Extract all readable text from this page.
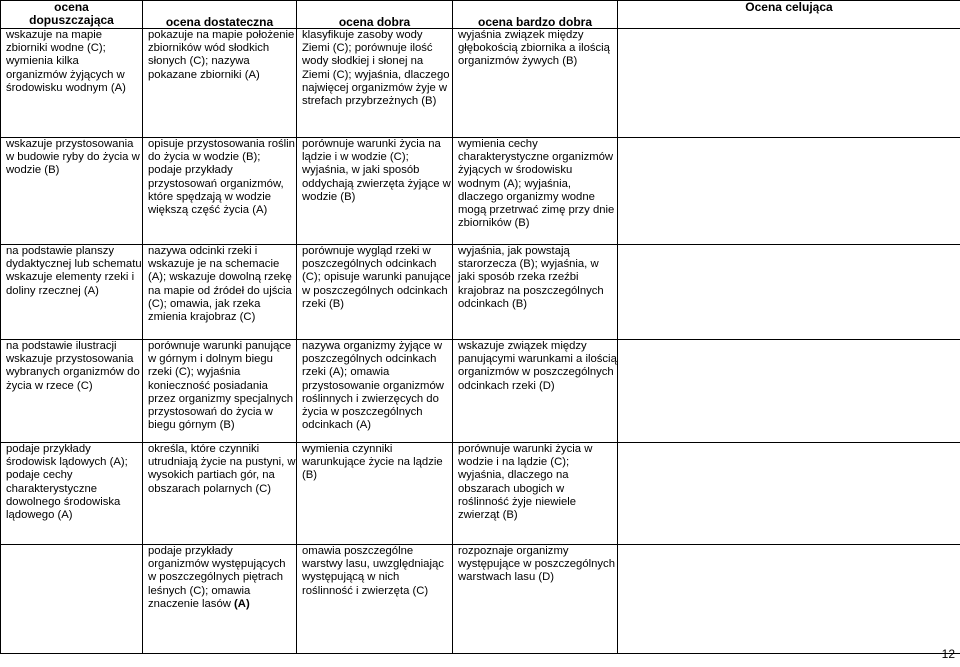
ocena
dopuszczająca	ocena dostateczna	ocena dobra	ocena bardzo dobra	Ocena celująca
wskazuje na mapie zbiorniki wodne (C); wymienia kilka organizmów żyjących w środowisku wodnym (A)	pokazuje na mapie położenie zbiorników wód słodkich słonych (C); nazywa pokazane zbiorniki (A)	klasyfikuje zasoby wody Ziemi (C); porównuje ilość wody słodkiej i słonej na Ziemi (C); wyjaśnia, dlaczego najwięcej organizmów żyje w strefach przybrzeżnych (B)	wyjaśnia związek między głębokością zbiornika a ilością organizmów żywych (B)	
wskazuje przystosowania w budowie ryby do życia w wodzie (B)	opisuje przystosowania roślin do życia w wodzie (B); podaje przykłady przystosowań organizmów, które spędzają w wodzie większą część życia (A)	porównuje warunki życia na lądzie i w wodzie (C); wyjaśnia, w jaki sposób oddychają zwierzęta żyjące w wodzie (B)	wymienia cechy charakterystyczne organizmów żyjących w środowisku wodnym (A); wyjaśnia, dlaczego organizmy wodne mogą przetrwać zimę przy dnie zbiorników (B)	
na podstawie planszy dydaktycznej lub schematu wskazuje elementy rzeki i doliny rzecznej (A)	nazywa odcinki rzeki i wskazuje je na schemacie (A); wskazuje dowolną rzekę na mapie od źródeł do ujścia (C); omawia, jak rzeka zmienia krajobraz (C)	porównuje wygląd rzeki w poszczególnych odcinkach (C); opisuje warunki panujące w poszczególnych odcinkach rzeki (B)	wyjaśnia, jak powstają starorzecza (B); wyjaśnia, w jaki sposób rzeka rzeźbi krajobraz na poszczególnych odcinkach (B)	
na podstawie ilustracji wskazuje przystosowania wybranych organizmów do życia w rzece (C)	porównuje warunki panujące w górnym i dolnym biegu rzeki (C); wyjaśnia konieczność posiadania przez organizmy specjalnych przystosowań do życia w biegu górnym (B)	nazywa organizmy żyjące w poszczególnych odcinkach rzeki (A); omawia przystosowanie organizmów roślinnych i zwierzęcych do życia w poszczególnych odcinkach (A)	wskazuje związek między panującymi warunkami a ilością organizmów w poszczególnych odcinkach rzeki (D)	
podaje przykłady środowisk lądowych (A); podaje cechy charakterystyczne dowolnego środowiska lądowego (A)	określa, które czynniki utrudniają życie na pustyni, w wysokich partiach gór, na obszarach polarnych (C)	wymienia czynniki warunkujące życie na lądzie (B)	porównuje warunki życia w wodzie i na lądzie (C); wyjaśnia, dlaczego na obszarach ubogich w roślinność żyje niewiele zwierząt (B)	
	podaje przykłady organizmów występujących w poszczególnych piętrach leśnych (C); omawia znaczenie lasów (A)	omawia poszczególne warstwy lasu, uwzględniając występującą w nich roślinność i zwierzęta (C)	rozpoznaje organizmy występujące w poszczególnych warstwach lasu (D)	
12
